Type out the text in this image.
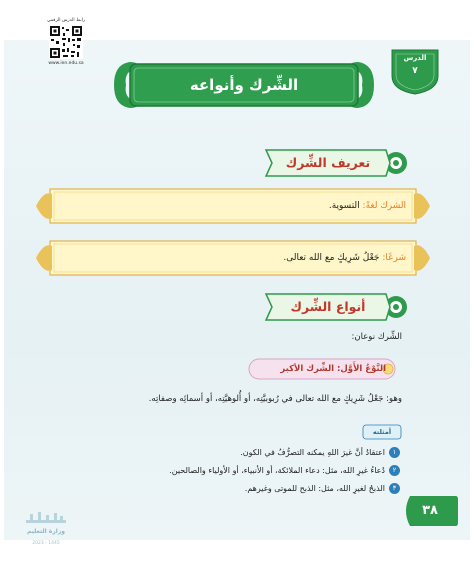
رابط الدرس الرقمي
www.ien.edu.sa
الدرس
٧
الشِّرك وأنواعه
تعريف الشِّرك
الشرك لغةً: التسوية.
شرعًا: جَعْلُ شَرِيكٍ مع الله تعالى.
أنواع الشِّرك
الشِّرك نوعان:
النَّوْعُ الأَوَّل: الشِّرك الأكبر
وهو: جَعْلُ شَرِيكٍ مع الله تعالى في رُبوبيَّتِه، أو أُلوهيَّتِه، أو أسمائِه وصفاتِه.
أمثلته
١
اعتقادُ أنَّ غيرَ اللهِ يمكنه التصرُّفُ في الكون.
٢
دُعاءُ غيرِ الله، مثل: دعاء الملائكة، أو الأنبياء، أو الأولياء والصالحين.
٣
الذبحُ لغيرِ الله، مثل: الذبح للموتى وغيرهم.
٣٨
وزارة التعليم
2023 - 1445
